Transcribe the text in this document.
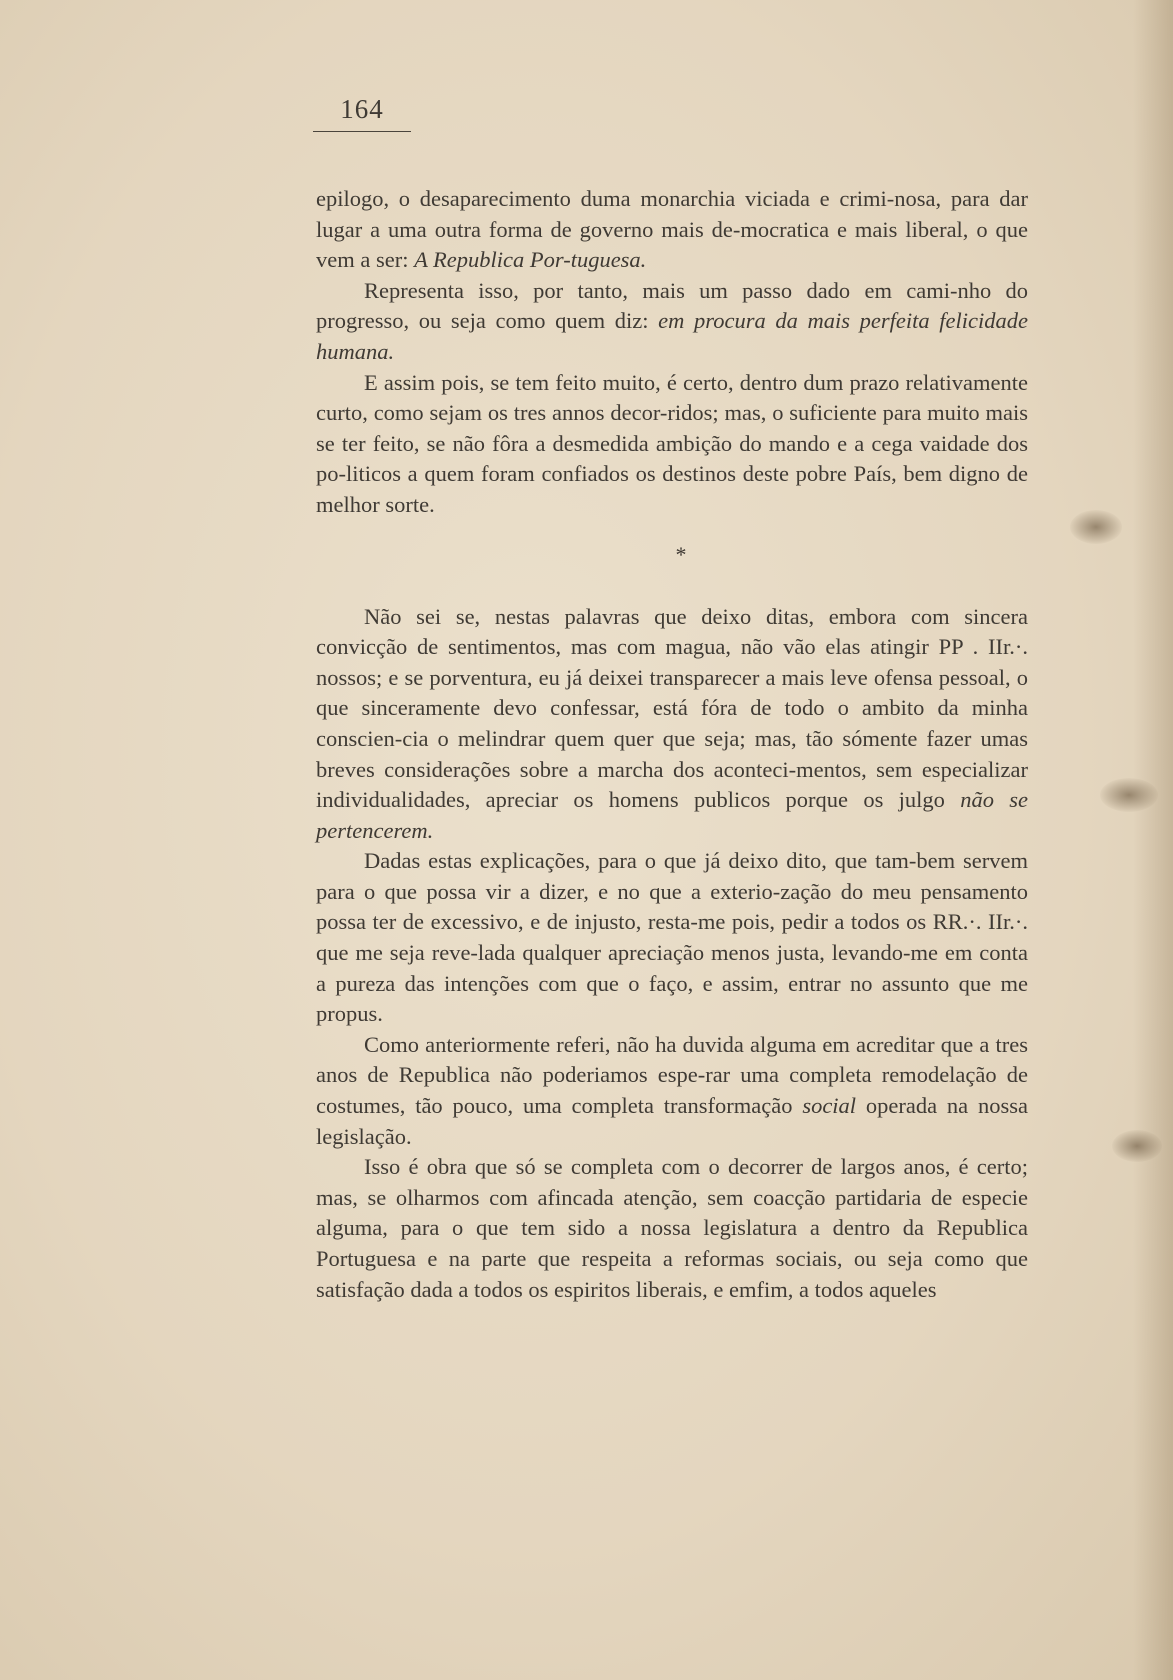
164

epilogo, o desaparecimento duma monarchia viciada e crimi-nosa, para dar lugar a uma outra forma de governo mais de-mocratica e mais liberal, o que vem a ser: A Republica Por-tuguesa.

Representa isso, por tanto, mais um passo dado em cami-nho do progresso, ou seja como quem diz: em procura da mais perfeita felicidade humana.

E assim pois, se tem feito muito, é certo, dentro dum prazo relativamente curto, como sejam os tres annos decor-ridos; mas, o suficiente para muito mais se ter feito, se não fôra a desmedida ambição do mando e a cega vaidade dos po-liticos a quem foram confiados os destinos deste pobre País, bem digno de melhor sorte.

*

Não sei se, nestas palavras que deixo ditas, embora com sincera convicção de sentimentos, mas com magua, não vão elas atingir PP . IIr.·. nossos; e se porventura, eu já deixei transparecer a mais leve ofensa pessoal, o que sinceramente devo confessar, está fóra de todo o ambito da minha conscien-cia o melindrar quem quer que seja; mas, tão sómente fazer umas breves considerações sobre a marcha dos aconteci-mentos, sem especializar individualidades, apreciar os homens publicos porque os julgo não se pertencerem.

Dadas estas explicações, para o que já deixo dito, que tam-bem servem para o que possa vir a dizer, e no que a exterio-zação do meu pensamento possa ter de excessivo, e de injusto, resta-me pois, pedir a todos os RR.·. IIr.·. que me seja reve-lada qualquer apreciação menos justa, levando-me em conta a pureza das intenções com que o faço, e assim, entrar no assunto que me propus.

Como anteriormente referi, não ha duvida alguma em acreditar que a tres anos de Republica não poderiamos espe-rar uma completa remodelação de costumes, tão pouco, uma completa transformação social operada na nossa legislação.

Isso é obra que só se completa com o decorrer de largos anos, é certo; mas, se olharmos com afincada atenção, sem coacção partidaria de especie alguma, para o que tem sido a nossa legislatura a dentro da Republica Portuguesa e na parte que respeita a reformas sociais, ou seja como que satisfação dada a todos os espiritos liberais, e emfim, a todos aqueles
